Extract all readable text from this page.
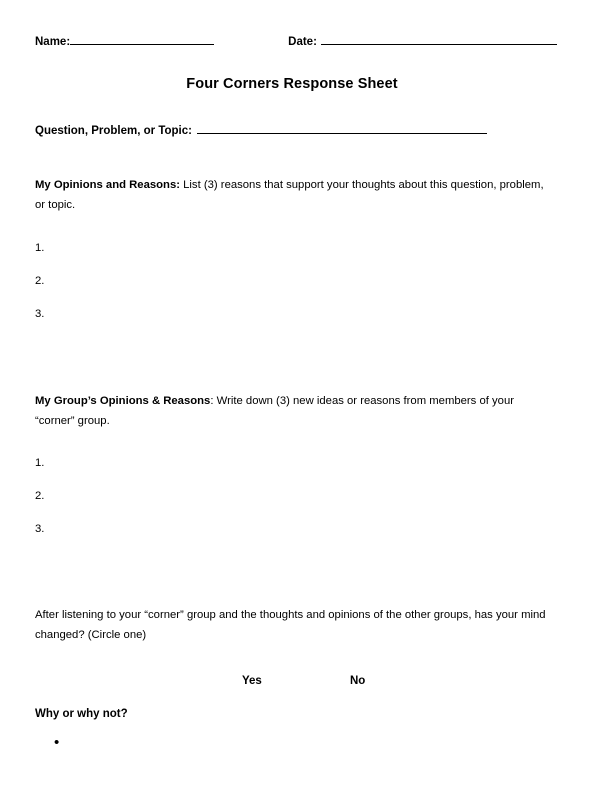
Name:	Date:
Four Corners Response Sheet
Question, Problem, or Topic:
My Opinions and Reasons: List (3) reasons that support your thoughts about this question, problem, or topic.
1.
2.
3.
My Group’s Opinions & Reasons: Write down (3) new ideas or reasons from members of your “corner” group.
1.
2.
3.
After listening to your “corner” group and the thoughts and opinions of the other groups, has your mind changed? (Circle one)
Yes	No
Why or why not?
•
